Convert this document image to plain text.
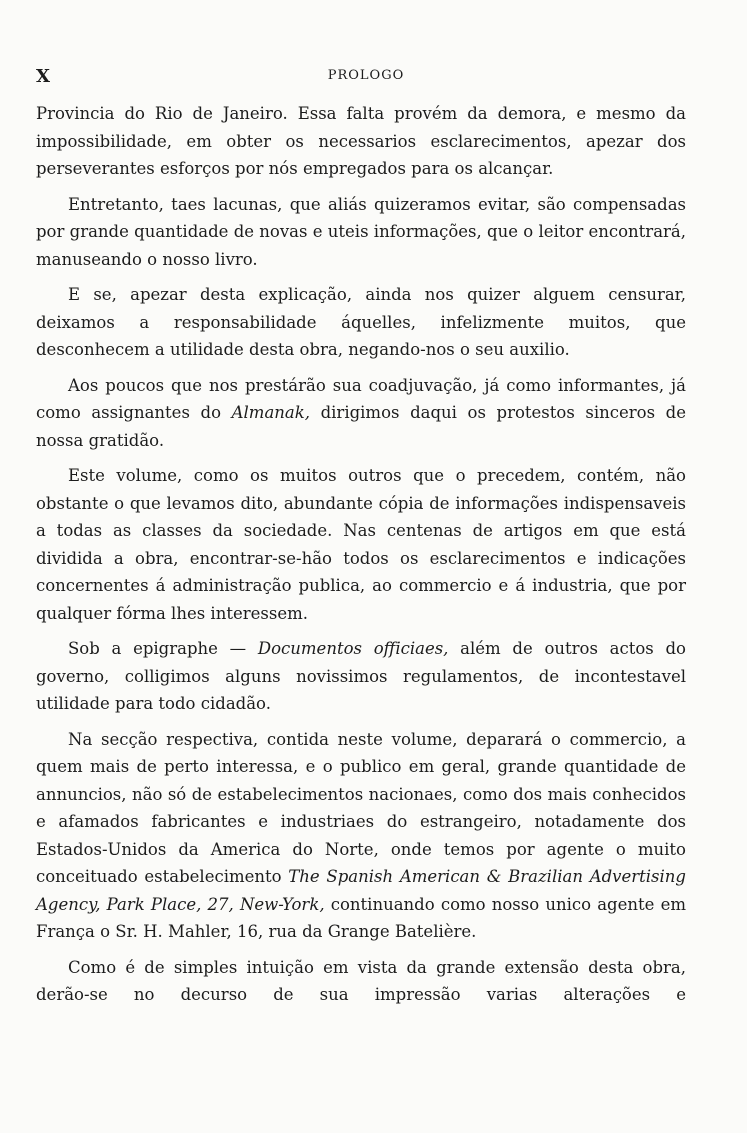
X	PROLOGO

Provincia do Rio de Janeiro. Essa falta provém da demora, e mesmo da impossibilidade, em obter os necessarios esclarecimentos, apezar dos perseverantes esforços por nós empregados para os alcançar.

Entretanto, taes lacunas, que aliás quizeramos evitar, são compensadas por grande quantidade de novas e uteis informações, que o leitor encontrará, manuseando o nosso livro.

E se, apezar desta explicação, ainda nos quizer alguem censurar, deixamos a responsabilidade áquelles, infelizmente muitos, que desconhecem a utilidade desta obra, negando-nos o seu auxilio.

Aos poucos que nos prestárão sua coadjuvação, já como informantes, já como assignantes do Almanak, dirigimos daqui os protestos sinceros de nossa gratidão.

Este volume, como os muitos outros que o precedem, contém, não obstante o que levamos dito, abundante cópia de informações indispensaveis a todas as classes da sociedade. Nas centenas de artigos em que está dividida a obra, encontrar-se-hão todos os esclarecimentos e indicações concernentes á administração publica, ao commercio e á industria, que por qualquer fórma lhes interessem.

Sob a epigraphe — Documentos officiaes, além de outros actos do governo, colligimos alguns novissimos regulamentos, de incontestavel utilidade para todo cidadão.

Na secção respectiva, contida neste volume, deparará o commercio, a quem mais de perto interessa, e o publico em geral, grande quantidade de annuncios, não só de estabelecimentos nacionaes, como dos mais conhecidos e afamados fabricantes e industriaes do estrangeiro, notadamente dos Estados-Unidos da America do Norte, onde temos por agente o muito conceituado estabelecimento The Spanish American & Brazilian Advertising Agency, Park Place, 27, New-York, continuando como nosso unico agente em França o Sr. H. Mahler, 16, rua da Grange Batelière.

Como é de simples intuição em vista da grande extensão desta obra, derão-se no decurso de sua impressão varias alterações e
